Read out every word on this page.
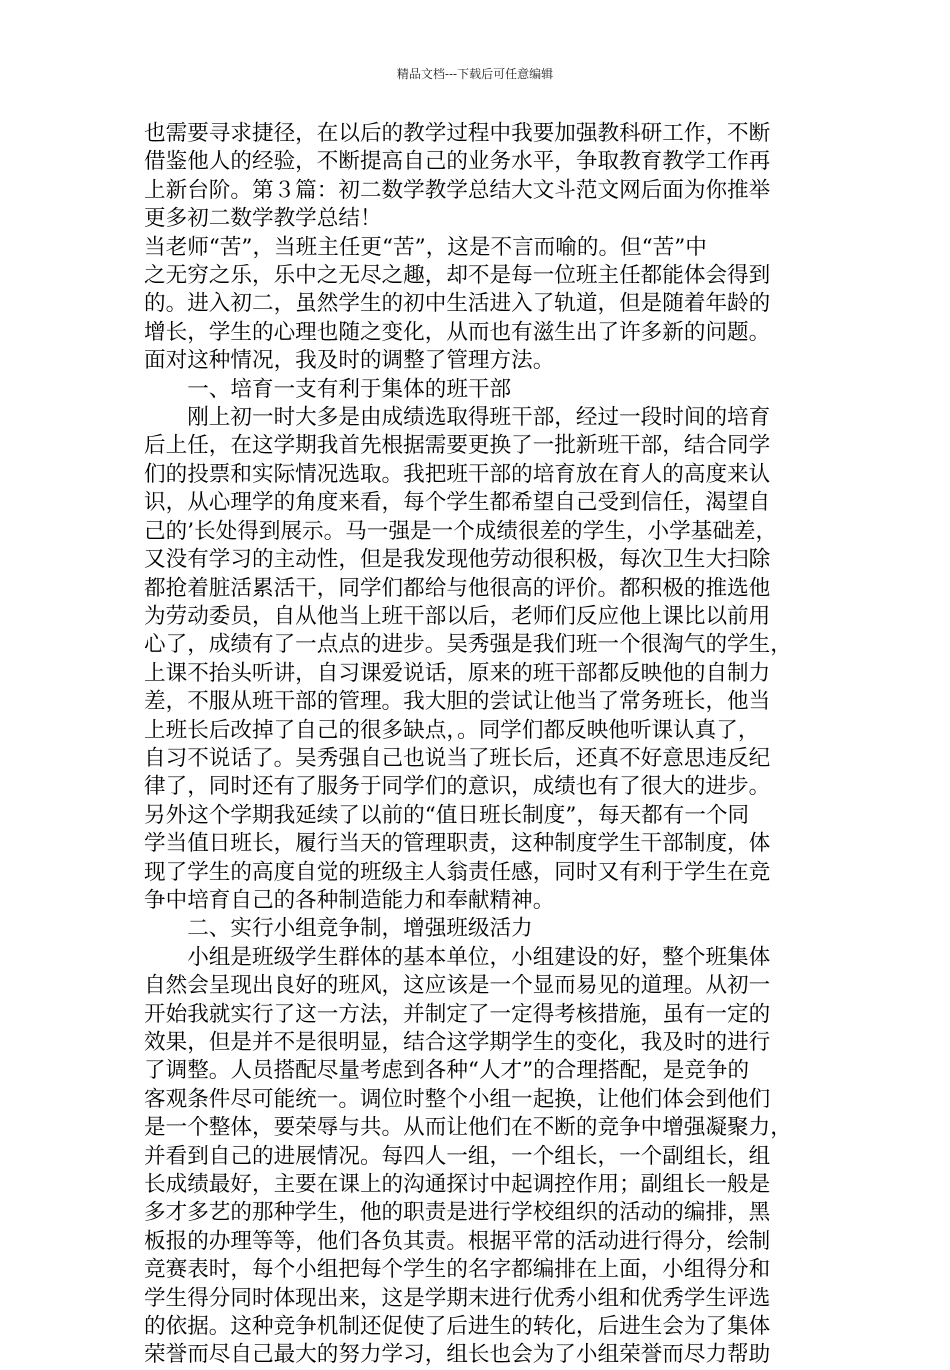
精品文档---下载后可任意编辑

也需要寻求捷径，在以后的教学过程中我要加强教科研工作，不断

借鉴他人的经验，不断提高自己的业务水平，争取教育教学工作再

上新台阶。第３篇：初二数学教学总结大文斗范文网后面为你推举

更多初二数学教学总结！

当老师“苦”，当班主任更“苦”，这是不言而喻的。但“苦”中

之无穷之乐，乐中之无尽之趣，却不是每一位班主任都能体会得到

的。进入初二，虽然学生的初中生活进入了轨道，但是随着年龄的

增长，学生的心理也随之变化，从而也有滋生出了许多新的问题。

面对这种情况，我及时的调整了管理方法。

一、培育一支有利于集体的班干部

刚上初一时大多是由成绩选取得班干部，经过一段时间的培育

后上任，在这学期我首先根据需要更换了一批新班干部，结合同学

们的投票和实际情况选取。我把班干部的培育放在育人的高度来认

识，从心理学的角度来看，每个学生都希望自己受到信任，渴望自

己的’长处得到展示。马一强是一个成绩很差的学生，小学基础差，

又没有学习的主动性，但是我发现他劳动很积极，每次卫生大扫除

都抢着脏活累活干，同学们都给与他很高的评价。都积极的推选他

为劳动委员，自从他当上班干部以后，老师们反应他上课比以前用

心了，成绩有了一点点的进步。吴秀强是我们班一个很淘气的学生，

上课不抬头听讲，自习课爱说话，原来的班干部都反映他的自制力

差，不服从班干部的管理。我大胆的尝试让他当了常务班长，他当

上班长后改掉了自己的很多缺点，。同学们都反映他听课认真了，

自习不说话了。吴秀强自己也说当了班长后，还真不好意思违反纪

律了，同时还有了服务于同学们的意识，成绩也有了很大的进步。

另外这个学期我延续了以前的“值日班长制度”，每天都有一个同

学当值日班长，履行当天的管理职责，这种制度学生干部制度，体

现了学生的高度自觉的班级主人翁责任感，同时又有利于学生在竞

争中培育自己的各种制造能力和奉献精神。

二、实行小组竞争制，增强班级活力

小组是班级学生群体的基本单位，小组建设的好，整个班集体

自然会呈现出良好的班风，这应该是一个显而易见的道理。从初一

开始我就实行了这一方法，并制定了一定得考核措施，虽有一定的

效果，但是并不是很明显，结合这学期学生的变化，我及时的进行

了调整。人员搭配尽量考虑到各种“人才”的合理搭配，是竞争的

客观条件尽可能统一。调位时整个小组一起换，让他们体会到他们

是一个整体，要荣辱与共。从而让他们在不断的竞争中增强凝聚力，

并看到自己的进展情况。每四人一组，一个组长，一个副组长，组

长成绩最好，主要在课上的沟通探讨中起调控作用；副组长一般是

多才多艺的那种学生，他的职责是进行学校组织的活动的编排，黑

板报的办理等等，他们各负其责。根据平常的活动进行得分，绘制

竞赛表时，每个小组把每个学生的名字都编排在上面，小组得分和

学生得分同时体现出来，这是学期末进行优秀小组和优秀学生评选

的依据。这种竞争机制还促使了后进生的转化，后进生会为了集体

荣誉而尽自己最大的努力学习，组长也会为了小组荣誉而尽力帮助
